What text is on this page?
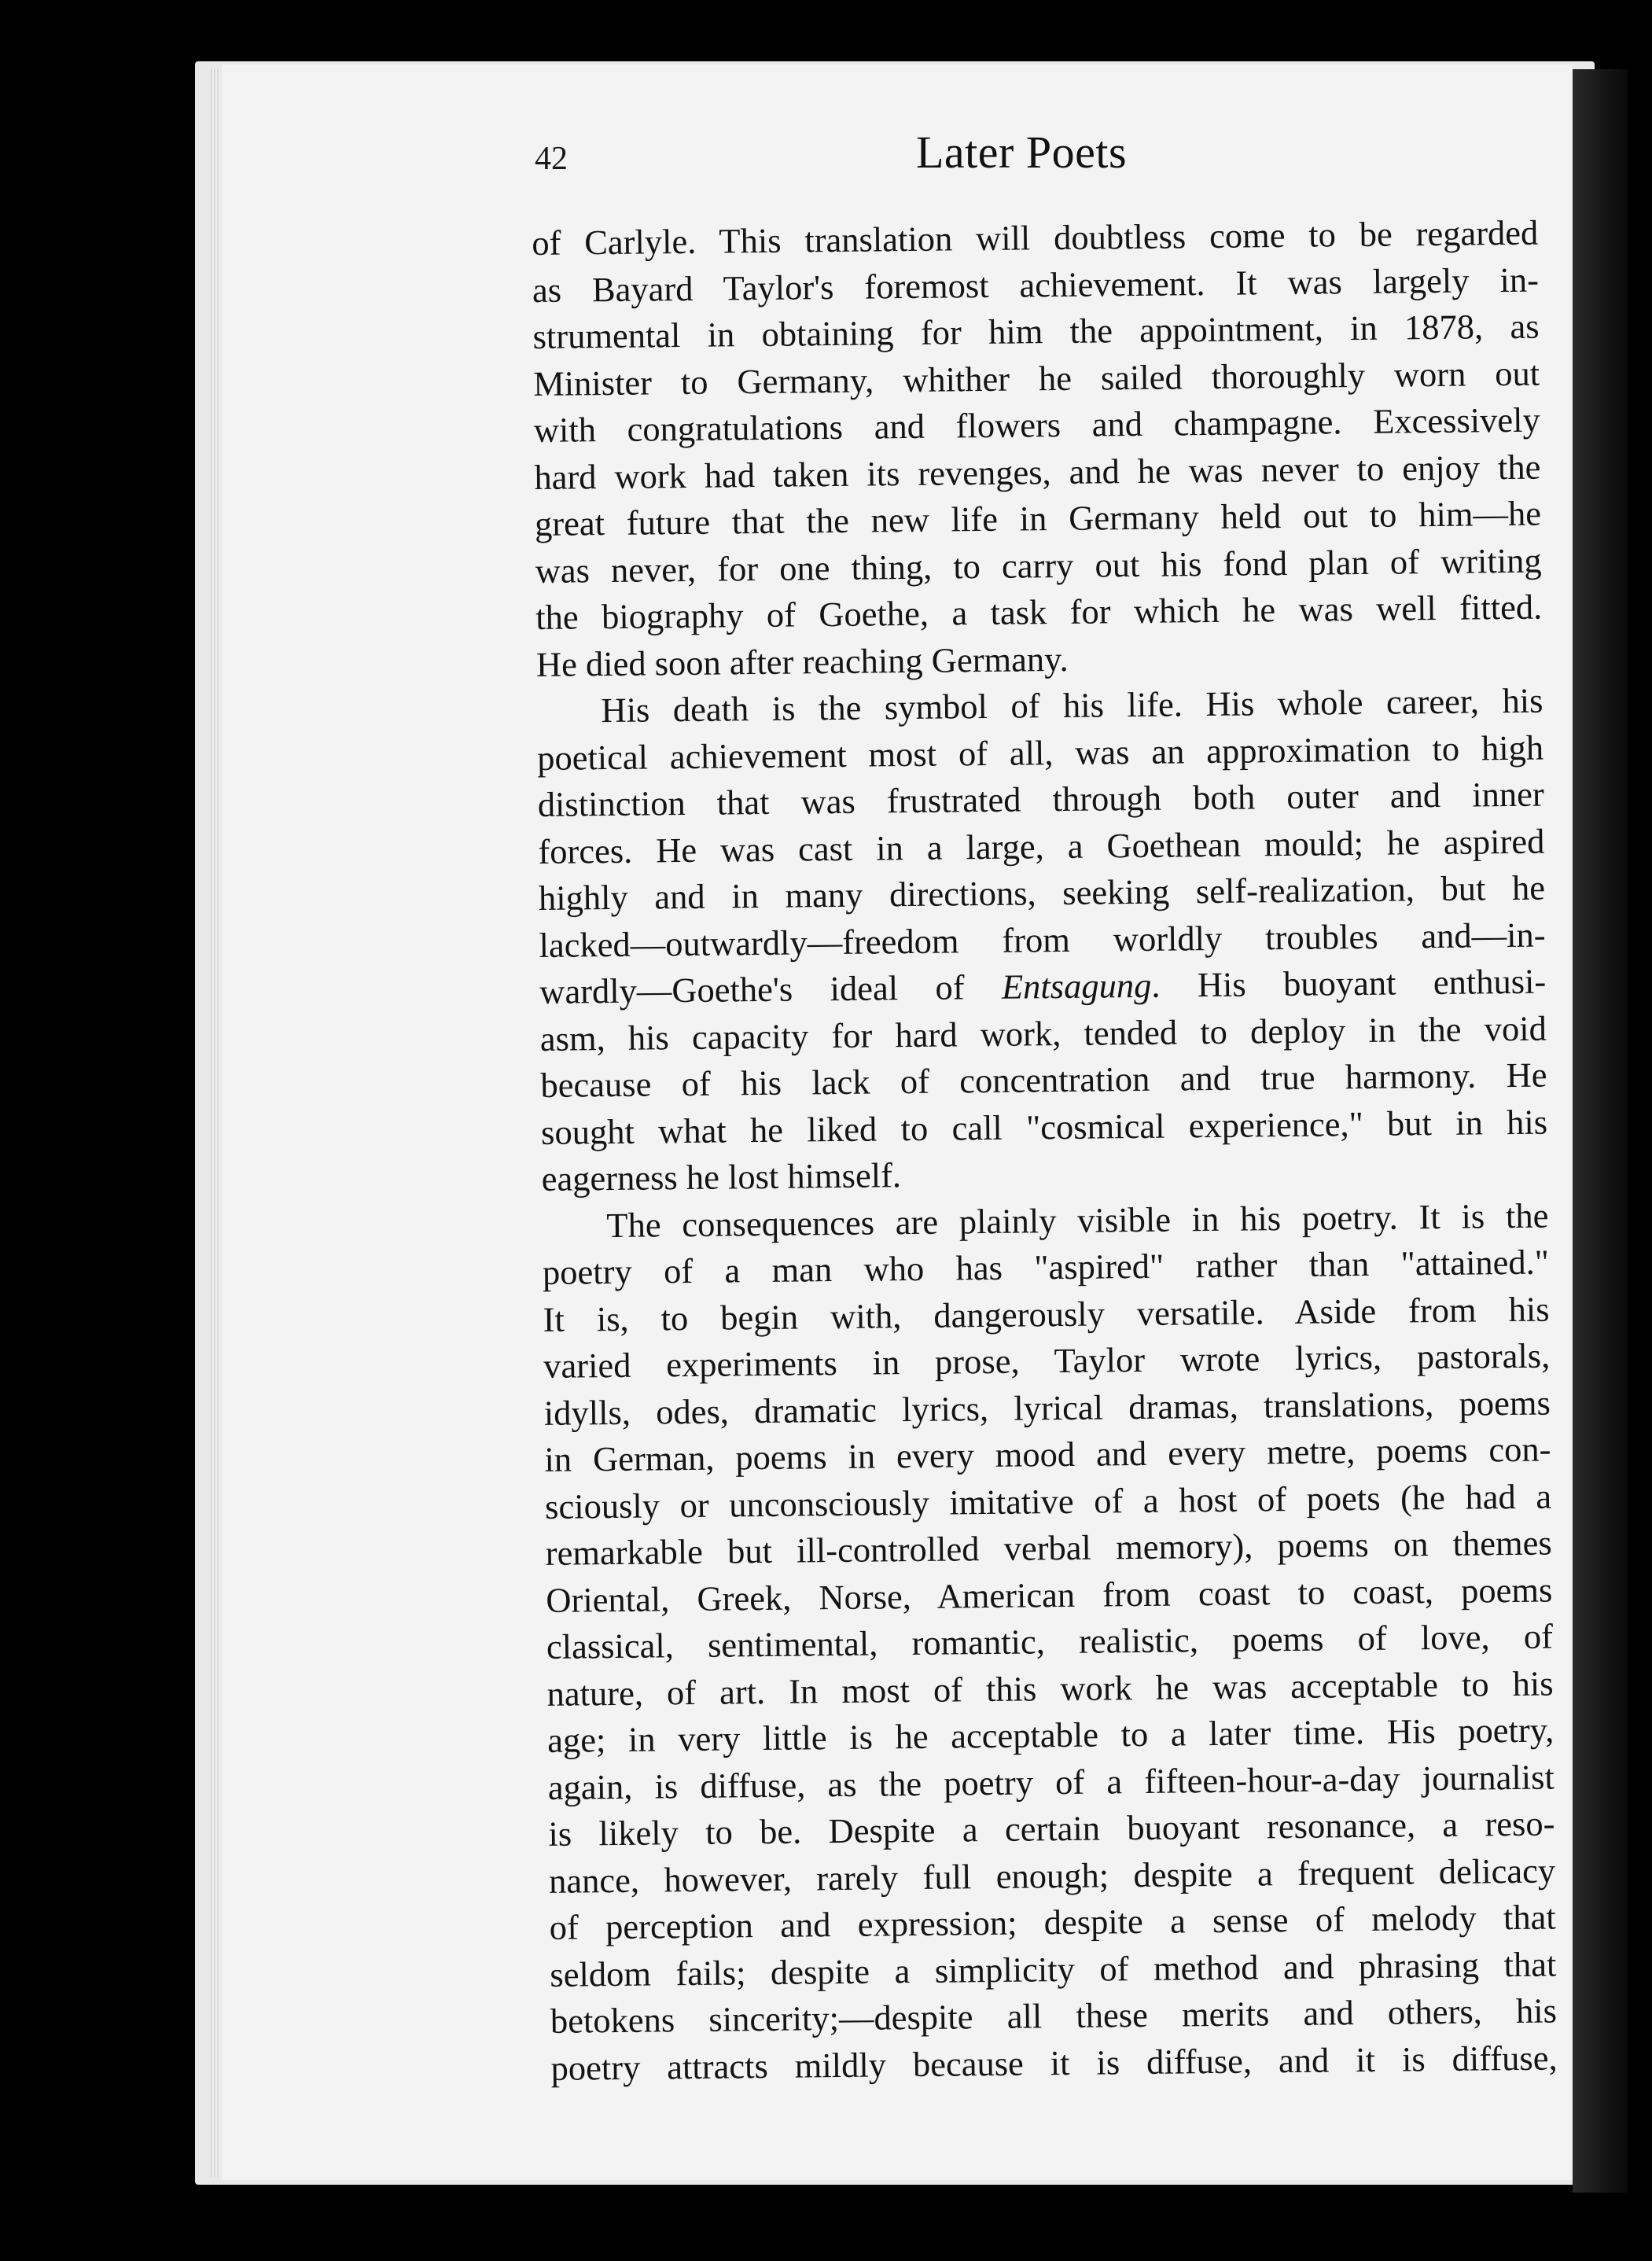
42	Later Poets
of Carlyle. This translation will doubtless come to be regarded
as Bayard Taylor's foremost achievement. It was largely in-
strumental in obtaining for him the appointment, in 1878, as
Minister to Germany, whither he sailed thoroughly worn out
with congratulations and flowers and champagne. Excessively
hard work had taken its revenges, and he was never to enjoy the
great future that the new life in Germany held out to him—he
was never, for one thing, to carry out his fond plan of writing
the biography of Goethe, a task for which he was well fitted.
He died soon after reaching Germany.
His death is the symbol of his life. His whole career, his
poetical achievement most of all, was an approximation to high
distinction that was frustrated through both outer and inner
forces. He was cast in a large, a Goethean mould; he aspired
highly and in many directions, seeking self-realization, but he
lacked—outwardly—freedom from worldly troubles and—in-
wardly—Goethe's ideal of Entsagung. His buoyant enthusi-
asm, his capacity for hard work, tended to deploy in the void
because of his lack of concentration and true harmony. He
sought what he liked to call "cosmical experience," but in his
eagerness he lost himself.
The consequences are plainly visible in his poetry. It is the
poetry of a man who has "aspired" rather than "attained."
It is, to begin with, dangerously versatile. Aside from his
varied experiments in prose, Taylor wrote lyrics, pastorals,
idylls, odes, dramatic lyrics, lyrical dramas, translations, poems
in German, poems in every mood and every metre, poems con-
sciously or unconsciously imitative of a host of poets (he had a
remarkable but ill-controlled verbal memory), poems on themes
Oriental, Greek, Norse, American from coast to coast, poems
classical, sentimental, romantic, realistic, poems of love, of
nature, of art. In most of this work he was acceptable to his
age; in very little is he acceptable to a later time. His poetry,
again, is diffuse, as the poetry of a fifteen-hour-a-day journalist
is likely to be. Despite a certain buoyant resonance, a reso-
nance, however, rarely full enough; despite a frequent delicacy
of perception and expression; despite a sense of melody that
seldom fails; despite a simplicity of method and phrasing that
betokens sincerity;—despite all these merits and others, his
poetry attracts mildly because it is diffuse, and it is diffuse,
